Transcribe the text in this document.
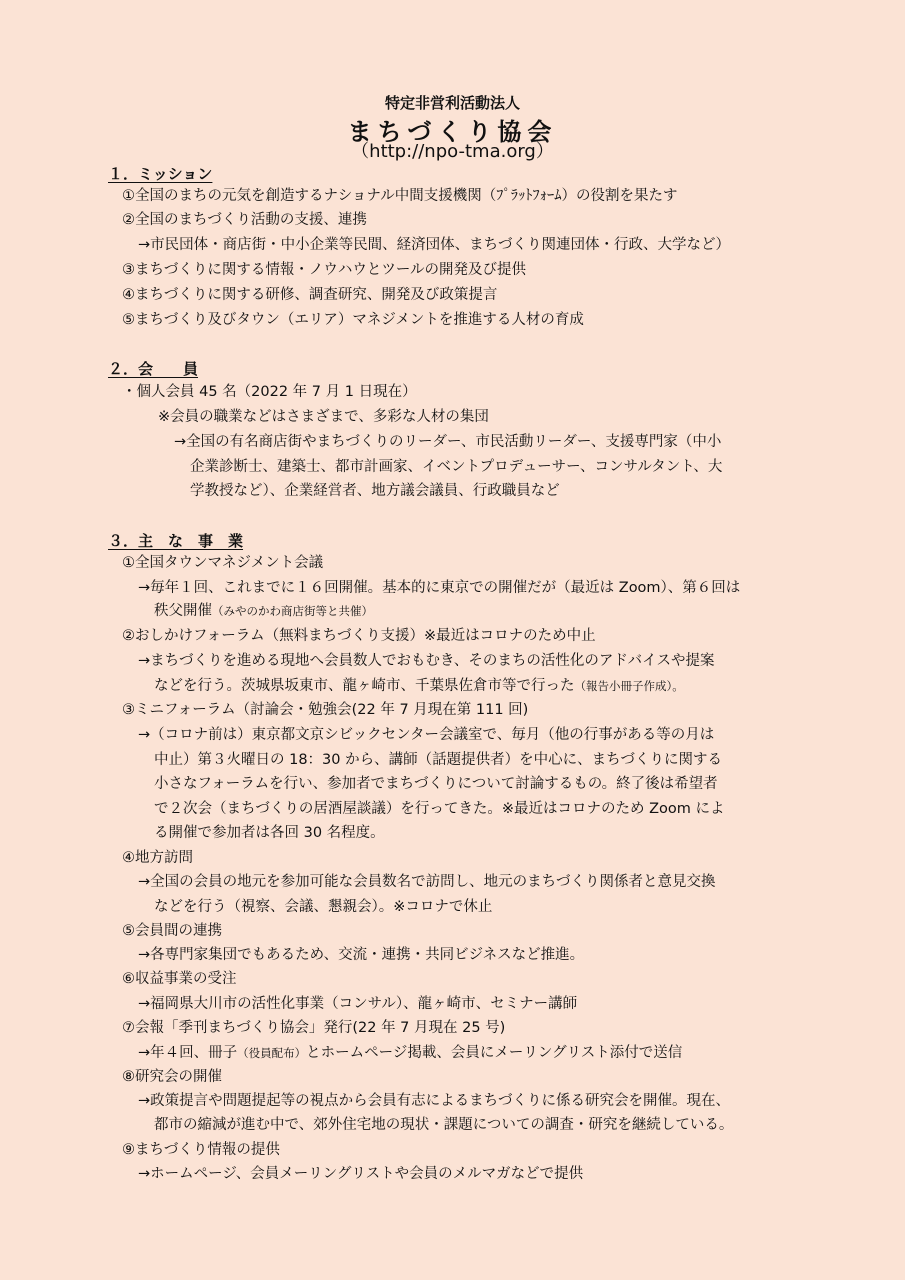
特定非営利活動法人
まちづくり協会
（http://npo-tma.org）
１．ミッション
①全国のまちの元気を創造するナショナル中間支援機関（ﾌﾟﾗｯﾄﾌｫｰﾑ）の役割を果たす
②全国のまちづくり活動の支援、連携
→市民団体・商店街・中小企業等民間、経済団体、まちづくり関連団体・行政、大学など）
③まちづくりに関する情報・ノウハウとツールの開発及び提供
④まちづくりに関する研修、調査研究、開発及び政策提言
⑤まちづくり及びタウン（エリア）マネジメントを推進する人材の育成
２．会　　員
・個人会員 45 名（2022 年 7 月 1 日現在）
※会員の職業などはさまざまで、多彩な人材の集団
→全国の有名商店街やまちづくりのリーダー、市民活動リーダー、支援専門家（中小
企業診断士、建築士、都市計画家、イベントプロデューサー、コンサルタント、大
学教授など）、企業経営者、地方議会議員、行政職員など
３．主　な　事　業
①全国タウンマネジメント会議
→毎年１回、これまでに１６回開催。基本的に東京での開催だが（最近は Zoom）、第６回は
秩父開催（みやのかわ商店街等と共催）
②おしかけフォーラム（無料まちづくり支援）※最近はコロナのため中止
→まちづくりを進める現地へ会員数人でおもむき、そのまちの活性化のアドバイスや提案
などを行う。茨城県坂東市、龍ヶ崎市、千葉県佐倉市等で行った（報告小冊子作成）。
③ミニフォーラム（討論会・勉強会(22 年 7 月現在第 111 回)
→（コロナ前は）東京都文京シビックセンター会議室で、毎月（他の行事がある等の月は
中止）第３火曜日の 18：30 から、講師（話題提供者）を中心に、まちづくりに関する
小さなフォーラムを行い、参加者でまちづくりについて討論するもの。終了後は希望者
で２次会（まちづくりの居酒屋談議）を行ってきた。※最近はコロナのため Zoom によ
る開催で参加者は各回 30 名程度。
④地方訪問
→全国の会員の地元を参加可能な会員数名で訪問し、地元のまちづくり関係者と意見交換
などを行う（視察、会議、懇親会）。※コロナで休止
⑤会員間の連携
→各専門家集団でもあるため、交流・連携・共同ビジネスなど推進。
⑥収益事業の受注
→福岡県大川市の活性化事業（コンサル）、龍ヶ崎市、セミナー講師
⑦会報「季刊まちづくり協会」発行(22 年 7 月現在 25 号)
→年４回、冊子（役員配布）とホームページ掲載、会員にメーリングリスト添付で送信
⑧研究会の開催
→政策提言や問題提起等の視点から会員有志によるまちづくりに係る研究会を開催。現在、
都市の縮減が進む中で、郊外住宅地の現状・課題についての調査・研究を継続している。
⑨まちづくり情報の提供
→ホームページ、会員メーリングリストや会員のメルマガなどで提供
